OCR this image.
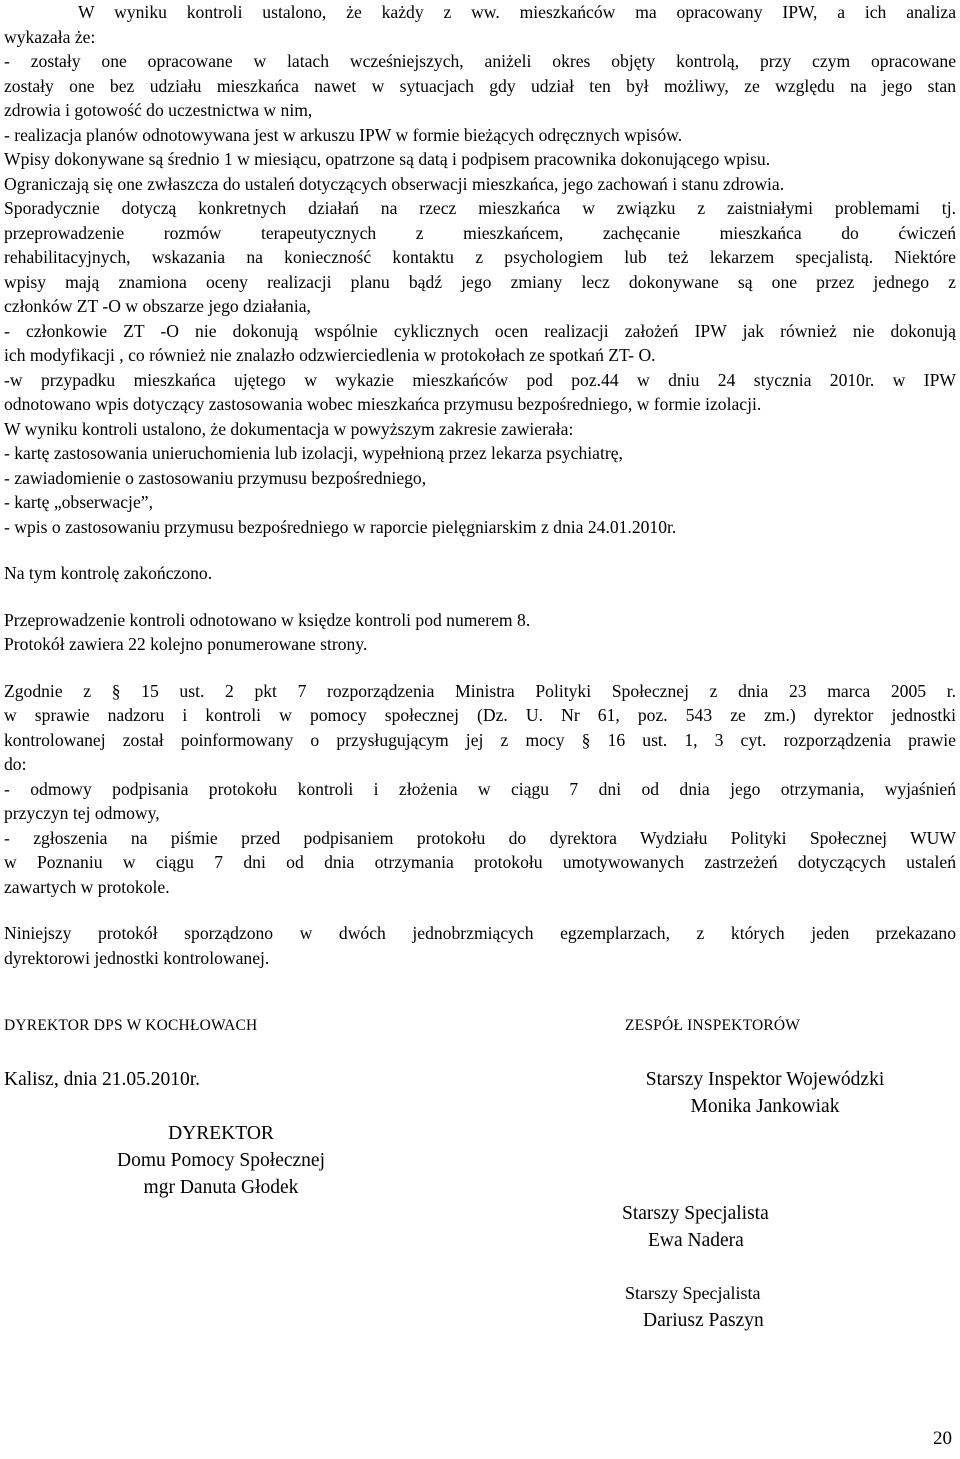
W wyniku kontroli ustalono, że każdy z ww. mieszkańców ma opracowany IPW, a ich analiza
wykazała że:
- zostały one opracowane w latach wcześniejszych, aniżeli okres objęty kontrolą, przy czym opracowane
zostały one bez udziału mieszkańca nawet w sytuacjach gdy udział ten był możliwy, ze względu na jego stan
zdrowia i gotowość do uczestnictwa w nim,
- realizacja planów odnotowywana jest w arkuszu IPW w formie bieżących odręcznych wpisów.
Wpisy dokonywane są średnio 1 w miesiącu, opatrzone są datą i podpisem pracownika dokonującego wpisu.
Ograniczają się one zwłaszcza do ustaleń dotyczących obserwacji mieszkańca, jego zachowań i stanu zdrowia.
Sporadycznie dotyczą konkretnych działań na rzecz mieszkańca w związku z zaistniałymi problemami tj.
przeprowadzenie rozmów terapeutycznych z mieszkańcem, zachęcanie mieszkańca do ćwiczeń
rehabilitacyjnych, wskazania na konieczność kontaktu z psychologiem lub też lekarzem specjalistą. Niektóre
wpisy mają znamiona oceny realizacji planu bądź jego zmiany lecz dokonywane są one przez jednego z
członków ZT -O w obszarze jego działania,
- członkowie ZT -O nie dokonują wspólnie cyklicznych ocen realizacji założeń IPW jak również nie dokonują
ich modyfikacji , co również nie znalazło odzwierciedlenia w protokołach ze spotkań ZT- O.
-w przypadku mieszkańca ujętego w wykazie mieszkańców pod poz.44 w dniu 24 stycznia 2010r. w IPW
odnotowano wpis dotyczący zastosowania wobec mieszkańca przymusu bezpośredniego, w formie izolacji.
W wyniku kontroli ustalono, że dokumentacja w powyższym zakresie zawierała:
- kartę zastosowania unieruchomienia lub izolacji, wypełnioną przez lekarza psychiatrę,
- zawiadomienie o zastosowaniu przymusu bezpośredniego,
- kartę „obserwacje”,
- wpis o zastosowaniu przymusu bezpośredniego w raporcie pielęgniarskim z dnia 24.01.2010r.
Na tym kontrolę zakończono.
Przeprowadzenie kontroli odnotowano w księdze kontroli pod numerem 8.
Protokół zawiera 22 kolejno ponumerowane strony.
Zgodnie z § 15 ust. 2 pkt 7 rozporządzenia Ministra Polityki Społecznej z dnia 23 marca 2005 r.
w sprawie nadzoru i kontroli w pomocy społecznej (Dz. U. Nr 61, poz. 543 ze zm.) dyrektor jednostki
kontrolowanej został poinformowany o przysługującym jej z mocy § 16 ust. 1, 3 cyt. rozporządzenia prawie
do:
- odmowy podpisania protokołu kontroli i złożenia w ciągu 7 dni od dnia jego otrzymania, wyjaśnień
przyczyn tej odmowy,
- zgłoszenia na piśmie przed podpisaniem protokołu do dyrektora Wydziału Polityki Społecznej WUW
w Poznaniu w ciągu 7 dni od dnia otrzymania protokołu umotywowanych zastrzeżeń dotyczących ustaleń
zawartych w protokole.
Niniejszy protokół sporządzono w dwóch jednobrzmiących egzemplarzach, z których jeden przekazano
dyrektorowi jednostki kontrolowanej.
DYREKTOR DPS W KOCHŁOWACH
Kalisz, dnia 21.05.2010r.
DYREKTOR
Domu Pomocy Społecznej
mgr Danuta Głodek
ZESPÓŁ INSPEKTORÓW
Starszy Inspektor Wojewódzki
Monika Jankowiak
Starszy Specjalista
Ewa Nadera
Starszy Specjalista
Dariusz Paszyn
20
